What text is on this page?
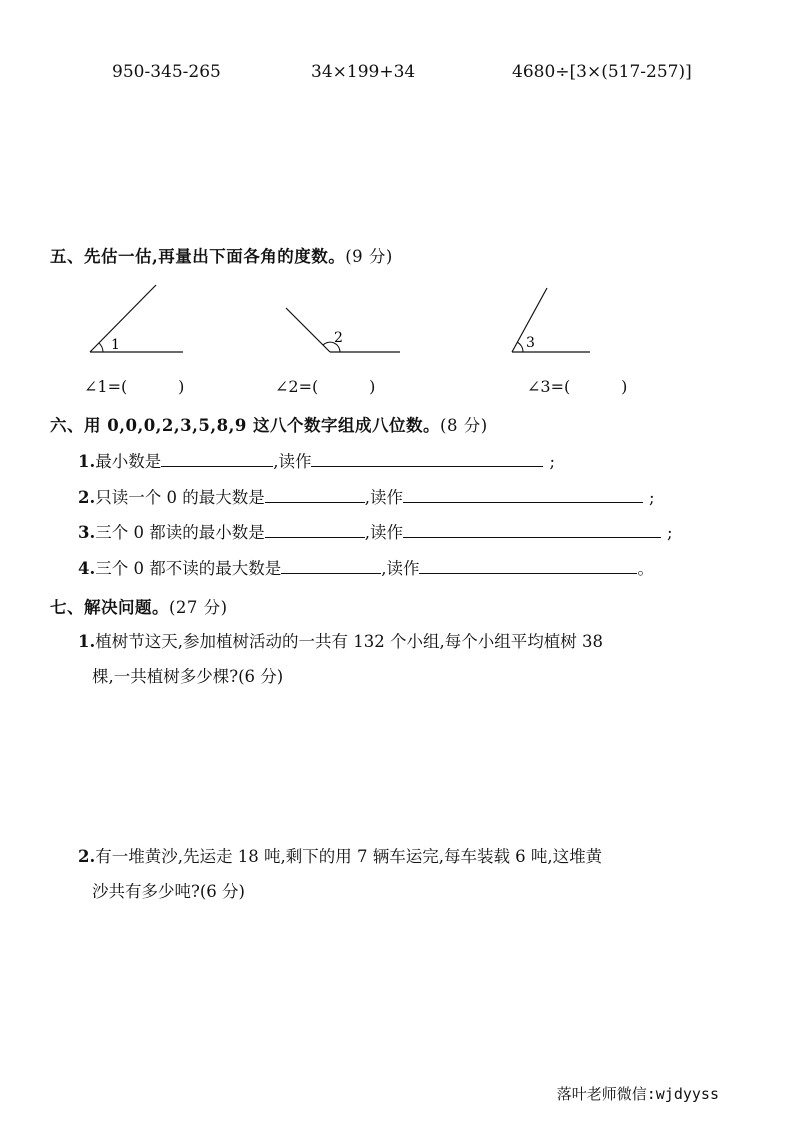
950-345-265	34×199+34	4680÷[3×(517-257)]
五、先估一估,再量出下面各角的度数。(9 分)
1	2	3
∠1=(          )	∠2=(          )	∠3=(          )
六、用 0,0,0,2,3,5,8,9 这八个数字组成八位数。(8 分)
1.最小数是	,读作	;
2.只读一个 0 的最大数是	,读作	;
3.三个 0 都读的最小数是	,读作	;
4.三个 0 都不读的最大数是	,读作	。
七、解决问题。(27 分)
1.植树节这天,参加植树活动的一共有 132 个小组,每个小组平均植树 38
棵,一共植树多少棵?(6 分)
2.有一堆黄沙,先运走 18 吨,剩下的用 7 辆车运完,每车装载 6 吨,这堆黄
沙共有多少吨?(6 分)
落叶老师微信:wjdyyss
